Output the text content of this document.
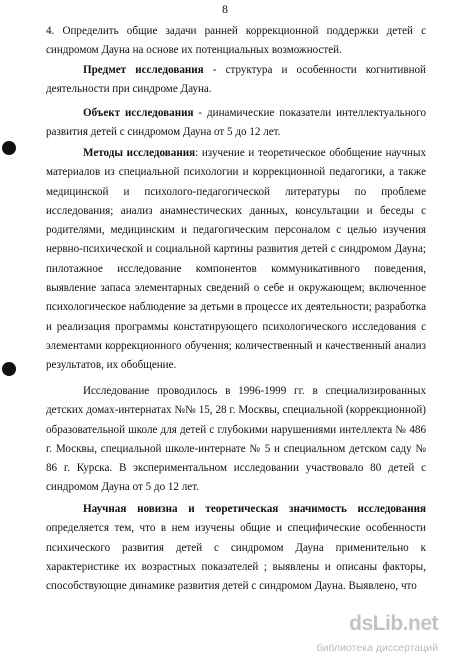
8
4. Определить общие задачи ранней коррекционной поддержки детей с синдромом Дауна на основе их потенциальных возможностей.
Предмет исследования - структура и особенности когнитивной деятельности при синдроме Дауна.
Объект исследования - динамические показатели интеллектуального развития детей с синдромом Дауна от 5 до 12 лет.
Методы исследования: изучение и теоретическое обобщение научных материалов из специальной психологии и коррекционной педагогики, а также медицинской и психолого-педагогической литературы по проблеме исследования; анализ анамнестических данных, консультации и беседы с родителями, медицинским и педагогическим персоналом с целью изучения нервно-психической и социальной картины развития детей с синдромом Дауна; пилотажное исследование компонентов коммуникативного поведения, выявление запаса элементарных сведений о себе и окружающем; включенное психологическое наблюдение за детьми в процессе их деятельности; разработка и реализация программы констатирующего психологического исследования с элементами коррекционного обучения; количественный и качественный анализ результатов, их обобщение.
Исследование проводилось в 1996-1999 гг. в специализированных детских домах-интернатах №№ 15, 28 г. Москвы, специальной (коррекционной) образовательной школе для детей с глубокими нарушениями интеллекта № 486 г. Москвы, специальной школе-интернате № 5 и специальном детском саду № 86 г. Курска. В экспериментальном исследовании участвовало 80 детей с синдромом Дауна от 5 до 12 лет.
Научная новизна и теоретическая значимость исследования определяется тем, что в нем изучены общие и специфические особенности психического развития детей с синдромом Дауна применительно к характеристике их возрастных показателей ; выявлены и описаны факторы, способствующие динамике развития детей с синдромом Дауна. Выявлено, что
dsLib.net
библиотека диссертаций
